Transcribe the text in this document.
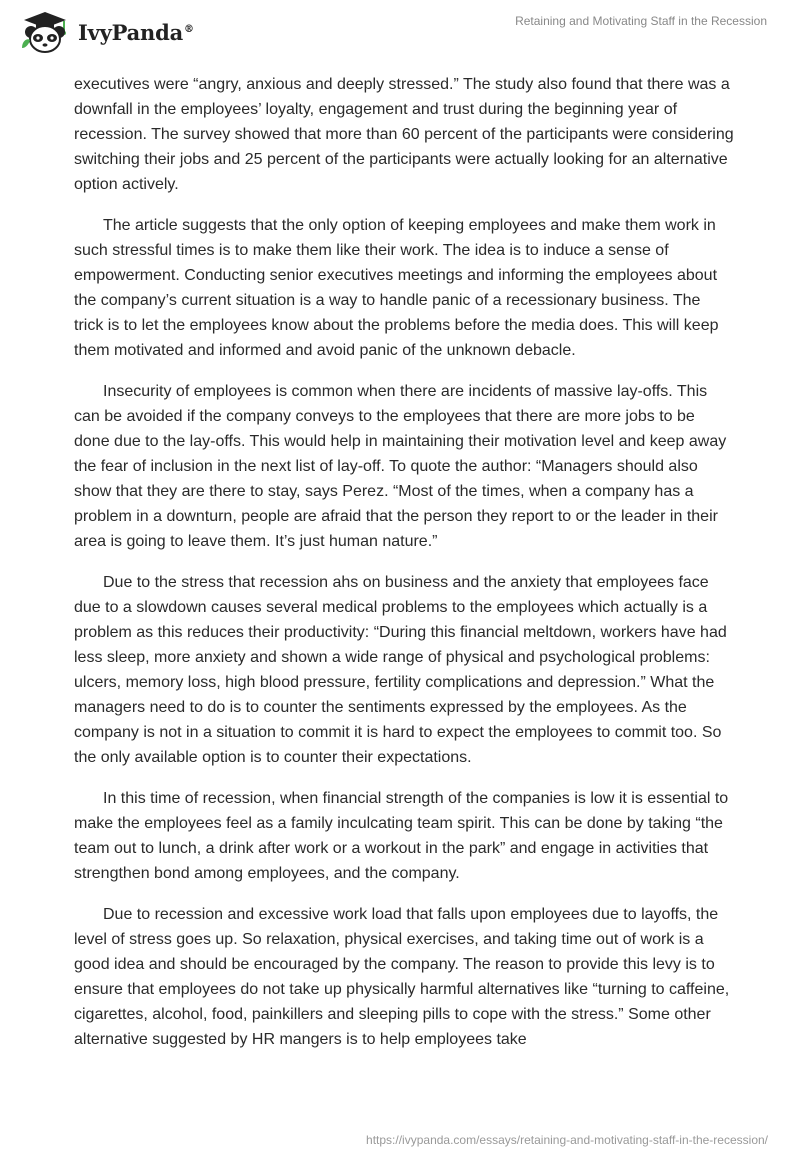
IvyPanda®
Retaining and Motivating Staff in the Recession

executives were “angry, anxious and deeply stressed.” The study also found that there was a downfall in the employees’ loyalty, engagement and trust during the beginning year of recession. The survey showed that more than 60 percent of the participants were considering switching their jobs and 25 percent of the participants were actually looking for an alternative option actively.

The article suggests that the only option of keeping employees and make them work in such stressful times is to make them like their work. The idea is to induce a sense of empowerment. Conducting senior executives meetings and informing the employees about the company’s current situation is a way to handle panic of a recessionary business. The trick is to let the employees know about the problems before the media does. This will keep them motivated and informed and avoid panic of the unknown debacle.

Insecurity of employees is common when there are incidents of massive lay-offs. This can be avoided if the company conveys to the employees that there are more jobs to be done due to the lay-offs. This would help in maintaining their motivation level and keep away the fear of inclusion in the next list of lay-off. To quote the author: “Managers should also show that they are there to stay, says Perez. “Most of the times, when a company has a problem in a downturn, people are afraid that the person they report to or the leader in their area is going to leave them. It’s just human nature.”

Due to the stress that recession ahs on business and the anxiety that employees face due to a slowdown causes several medical problems to the employees which actually is a problem as this reduces their productivity: “During this financial meltdown, workers have had less sleep, more anxiety and shown a wide range of physical and psychological problems: ulcers, memory loss, high blood pressure, fertility complications and depression.” What the managers need to do is to counter the sentiments expressed by the employees. As the company is not in a situation to commit it is hard to expect the employees to commit too. So the only available option is to counter their expectations.

In this time of recession, when financial strength of the companies is low it is essential to make the employees feel as a family inculcating team spirit. This can be done by taking “the team out to lunch, a drink after work or a workout in the park” and engage in activities that strengthen bond among employees, and the company.

Due to recession and excessive work load that falls upon employees due to layoffs, the level of stress goes up. So relaxation, physical exercises, and taking time out of work is a good idea and should be encouraged by the company. The reason to provide this levy is to ensure that employees do not take up physically harmful alternatives like “turning to caffeine, cigarettes, alcohol, food, painkillers and sleeping pills to cope with the stress.” Some other alternative suggested by HR mangers is to help employees take

https://ivypanda.com/essays/retaining-and-motivating-staff-in-the-recession/
